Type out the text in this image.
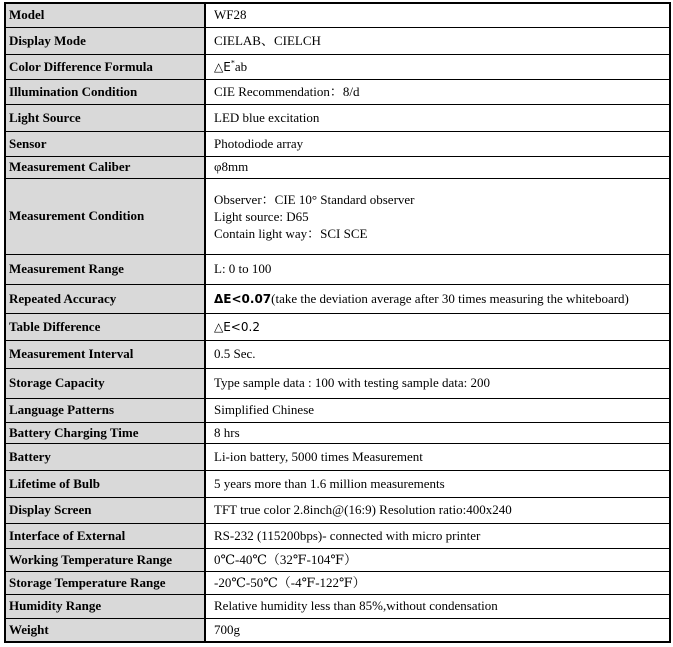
Model	WF28
Display Mode	CIELAB、CIELCH
Color Difference Formula	△E*ab
Illumination Condition	CIE Recommendation：8/d
Light Source	LED blue excitation
Sensor	Photodiode array
Measurement Caliber	φ8mm
Measurement Condition	Observer：CIE 10° Standard observer
Light source: D65
Contain light way：SCI SCE

Measurement Range	L: 0 to 100
Repeated Accuracy	ΔE<0.07(take the deviation average after 30 times measuring the whiteboard)
Table Difference	△E<0.2
Measurement Interval	0.5 Sec.
Storage Capacity	Type sample data : 100 with testing sample data: 200
Language Patterns	Simplified Chinese
Battery Charging Time	8 hrs
Battery	Li-ion battery, 5000 times Measurement
Lifetime of Bulb	5 years more than 1.6 million measurements
Display Screen	TFT true color 2.8inch@(16:9) Resolution ratio:400x240
Interface of External	RS-232 (115200bps)- connected with micro printer
Working Temperature Range	0℃-40℃（32℉-104℉）
Storage Temperature Range	-20℃-50℃（-4℉-122℉）
Humidity Range	Relative humidity less than 85%,without condensation
Weight	700g
